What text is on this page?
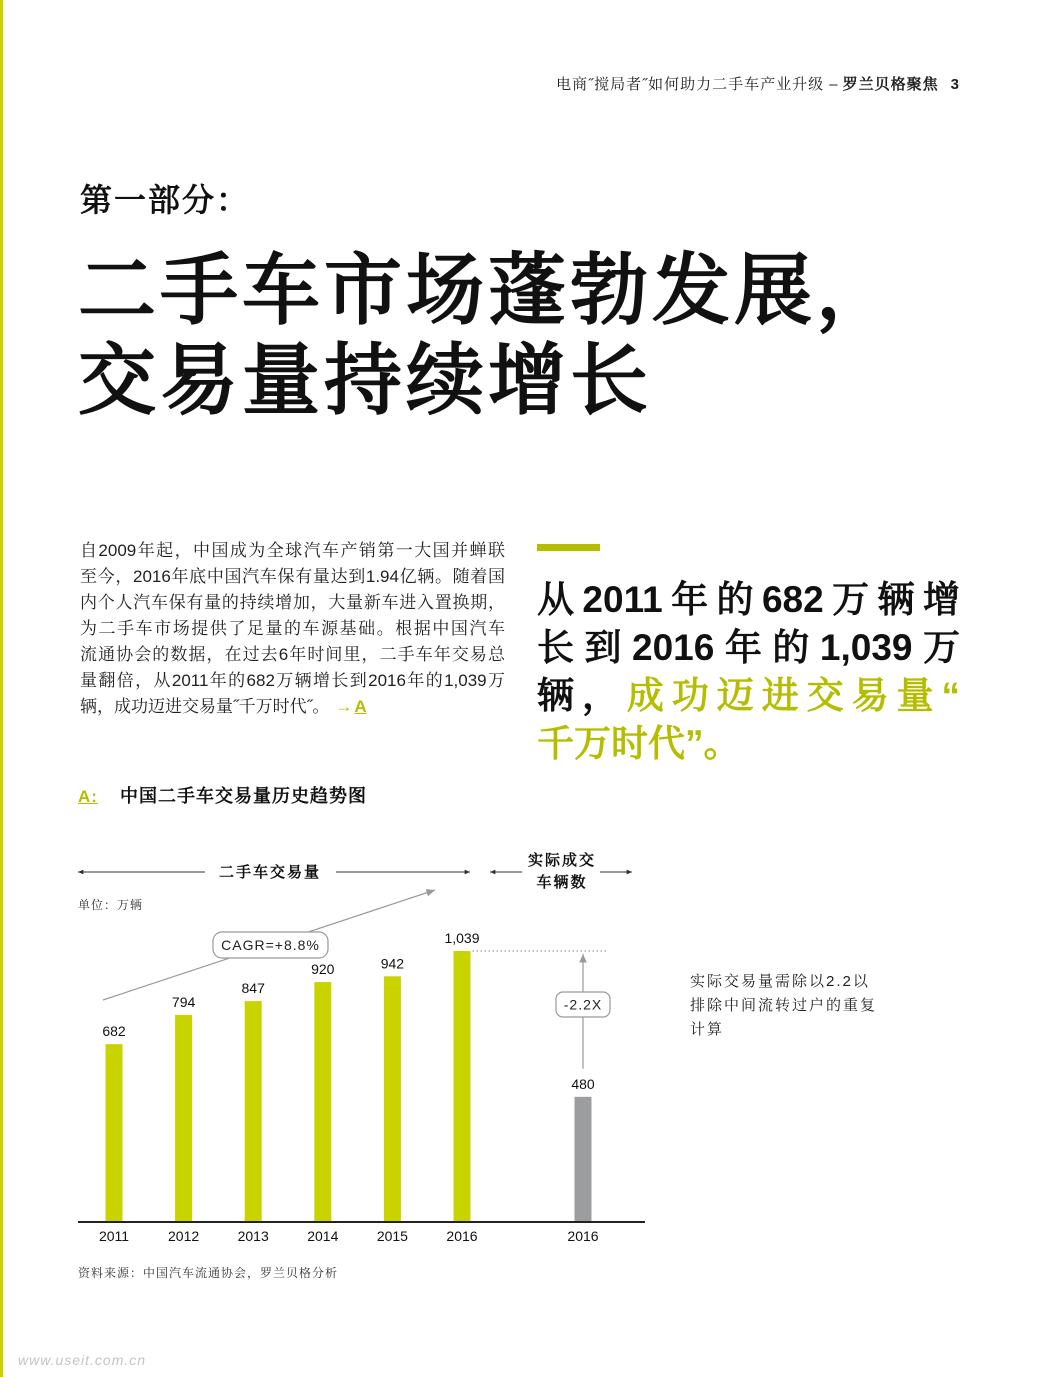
电商˝搅局者˝如何助力二手车产业升级 – 罗兰贝格聚焦 3
第一部分：
二手车市场蓬勃发展，
交易量持续增长
自2009年起，中国成为全球汽车产销第一大国并蝉联
至今，2016年底中国汽车保有量达到1.94亿辆。随着国
内个人汽车保有量的持续增加，大量新车进入置换期，
为二手车市场提供了足量的车源基础。根据中国汽车
流通协会的数据，在过去6年时间里，二手车年交易总
量翻倍，从2011年的682万辆增长到2016年的1,039万
辆，成功迈进交易量˝千万时代˝。 → A
从2011年的682万辆增
长到2016年的1,039万
辆，成功迈进交易量“
千万时代”。
A: 中国二手车交易量历史趋势图
二手车交易量
实际成交
车辆数
单位：万辆
682
794
847
920	942
1,039
480
2011	2012	2013	2014	2015	2016	2016
CAGR=+8.8%
-2.2X
实际交易量需除以2.2以
排除中间流转过户的重复
计算
资料来源：中国汽车流通协会，罗兰贝格分析
www.useit.com.cn
